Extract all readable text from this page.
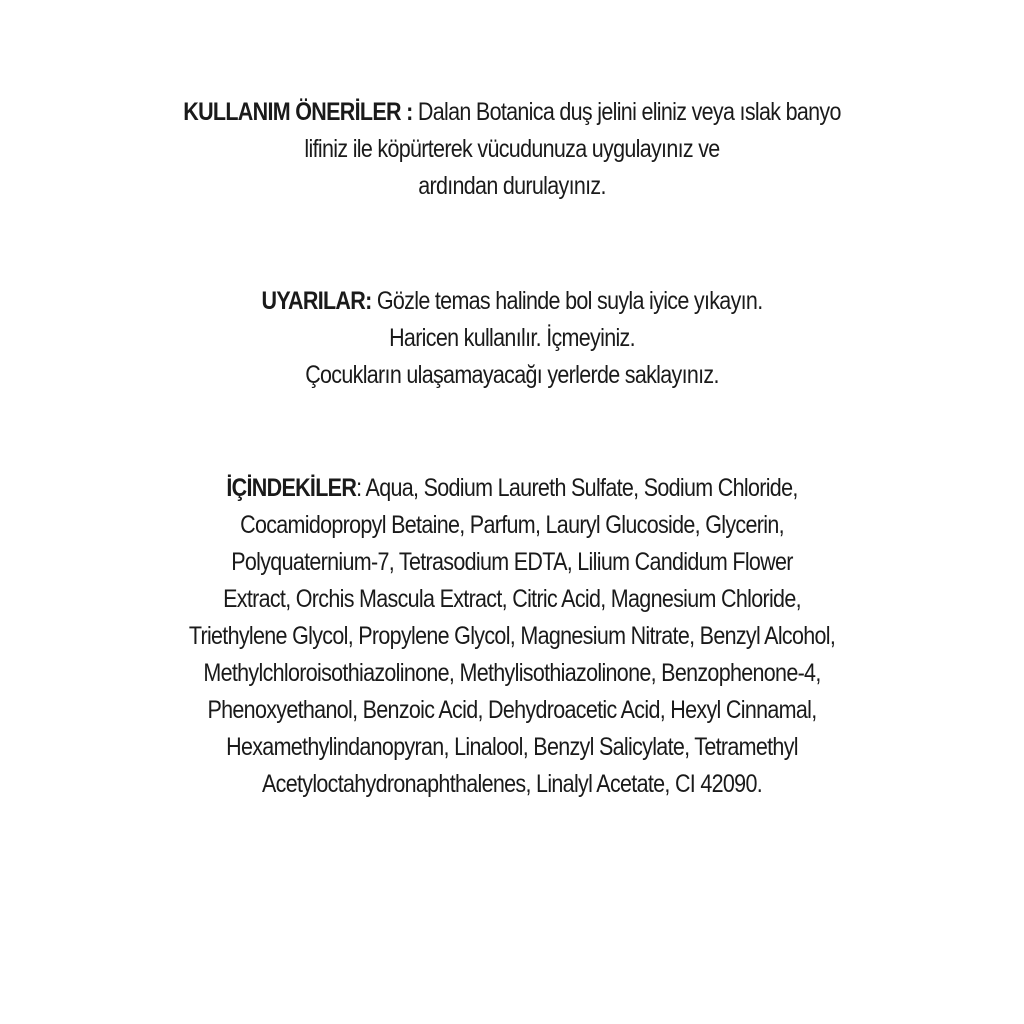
KULLANIM ÖNERİLER : Dalan Botanica duş jelini eliniz veya ıslak banyo
lifiniz ile köpürterek vücudunuza uygulayınız ve
ardından durulayınız.
UYARILAR: Gözle temas halinde bol suyla iyice yıkayın.
Haricen kullanılır. İçmeyiniz.
Çocukların ulaşamayacağı yerlerde saklayınız.
İÇİNDEKİLER: Aqua, Sodium Laureth Sulfate, Sodium Chloride,
Cocamidopropyl Betaine, Parfum, Lauryl Glucoside, Glycerin,
Polyquaternium-7, Tetrasodium EDTA, Lilium Candidum Flower
Extract, Orchis Mascula Extract, Citric Acid, Magnesium Chloride,
Triethylene Glycol, Propylene Glycol, Magnesium Nitrate, Benzyl Alcohol,
Methylchloroisothiazolinone, Methylisothiazolinone, Benzophenone-4,
Phenoxyethanol, Benzoic Acid, Dehydroacetic Acid, Hexyl Cinnamal,
Hexamethylindanopyran, Linalool, Benzyl Salicylate, Tetramethyl
Acetyloctahydronaphthalenes, Linalyl Acetate, CI 42090.
